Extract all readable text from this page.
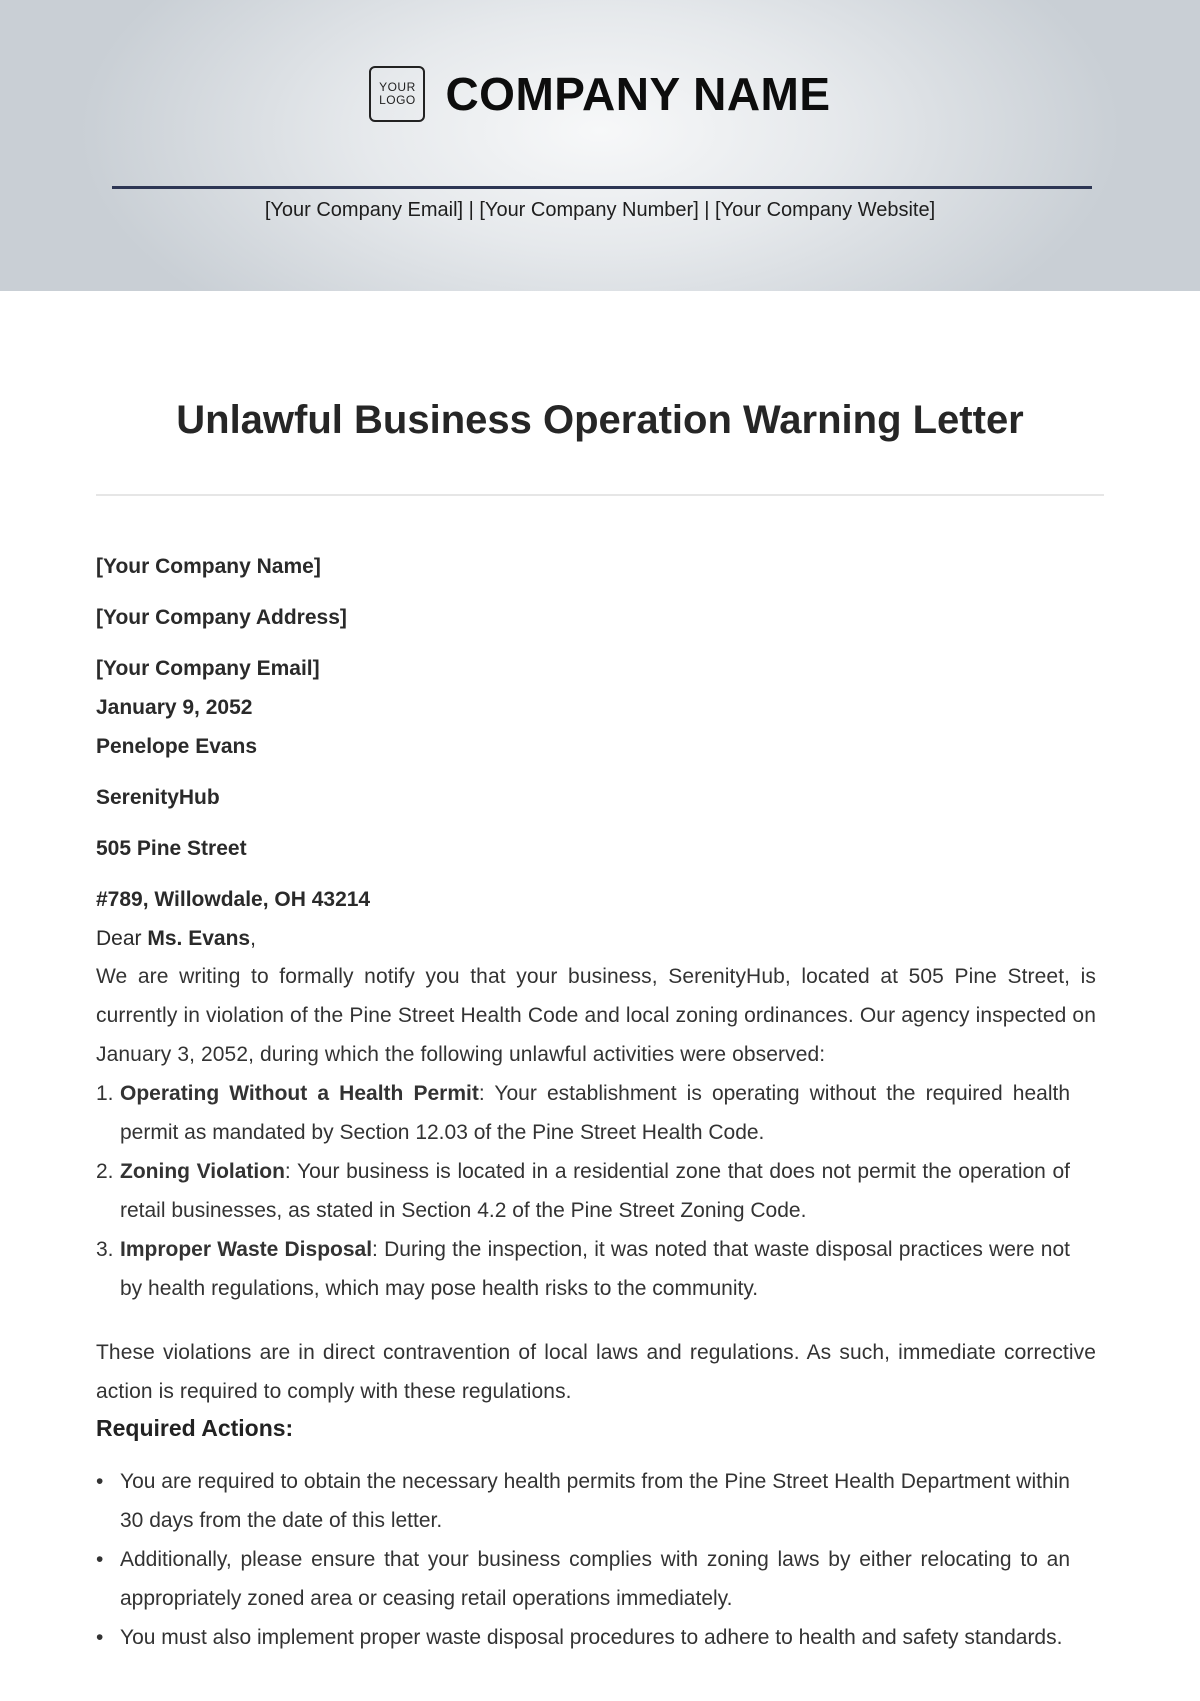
YOUR
LOGO COMPANY NAME
[Your Company Email] | [Your Company Number] | [Your Company Website]
Unlawful Business Operation Warning Letter
[Your Company Name]
[Your Company Address]
[Your Company Email]
January 9, 2052
Penelope Evans
SerenityHub
505 Pine Street
#789, Willowdale, OH 43214
Dear Ms. Evans,
We are writing to formally notify you that your business, SerenityHub, located at 505 Pine Street, is currently in violation of the Pine Street Health Code and local zoning ordinances. Our agency inspected on January 3, 2052, during which the following unlawful activities were observed:
1. Operating Without a Health Permit: Your establishment is operating without the required health permit as mandated by Section 12.03 of the Pine Street Health Code.
2. Zoning Violation: Your business is located in a residential zone that does not permit the operation of retail businesses, as stated in Section 4.2 of the Pine Street Zoning Code.
3. Improper Waste Disposal: During the inspection, it was noted that waste disposal practices were not by health regulations, which may pose health risks to the community.
These violations are in direct contravention of local laws and regulations. As such, immediate corrective action is required to comply with these regulations.
Required Actions:
• You are required to obtain the necessary health permits from the Pine Street Health Department within 30 days from the date of this letter.
• Additionally, please ensure that your business complies with zoning laws by either relocating to an appropriately zoned area or ceasing retail operations immediately.
• You must also implement proper waste disposal procedures to adhere to health and safety standards.
